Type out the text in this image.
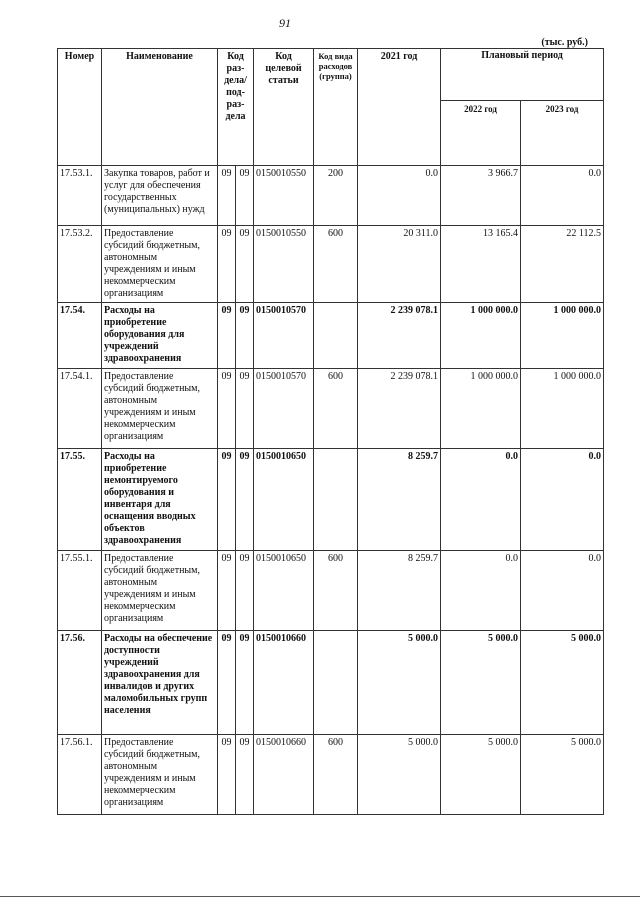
91
(тыс. руб.)
Номер	Наименование	Код раз-дела/ под-раз-дела		Код целевой статьи	Код вида расходов (группа)	2021 год	Плановый период	
							2022 год	2023 год
17.53.1.	Закупка товаров, работ и услуг для обеспечения государственных (муниципальных) нужд	09	09	0150010550	200	0.0	3 966.7	0.0
17.53.2.	Предоставление субсидий бюджетным, автономным учреждениям и иным некоммерческим организациям	09	09	0150010550	600	20 311.0	13 165.4	22 112.5
17.54.	Расходы на приобретение оборудования для учреждений здравоохранения	09	09	0150010570		2 239 078.1	1 000 000.0	1 000 000.0
17.54.1.	Предоставление субсидий бюджетным, автономным учреждениям и иным некоммерческим организациям	09	09	0150010570	600	2 239 078.1	1 000 000.0	1 000 000.0
17.55.	Расходы на приобретение немонтируемого оборудования и инвентаря для оснащения вводных объектов здравоохранения	09	09	0150010650		8 259.7	0.0	0.0
17.55.1.	Предоставление субсидий бюджетным, автономным учреждениям и иным некоммерческим организациям	09	09	0150010650	600	8 259.7	0.0	0.0
17.56.	Расходы на обеспечение доступности учреждений здравоохранения для инвалидов и других маломобильных групп населения	09	09	0150010660		5 000.0	5 000.0	5 000.0
17.56.1.	Предоставление субсидий бюджетным, автономным учреждениям и иным некоммерческим организациям	09	09	0150010660	600	5 000.0	5 000.0	5 000.0
